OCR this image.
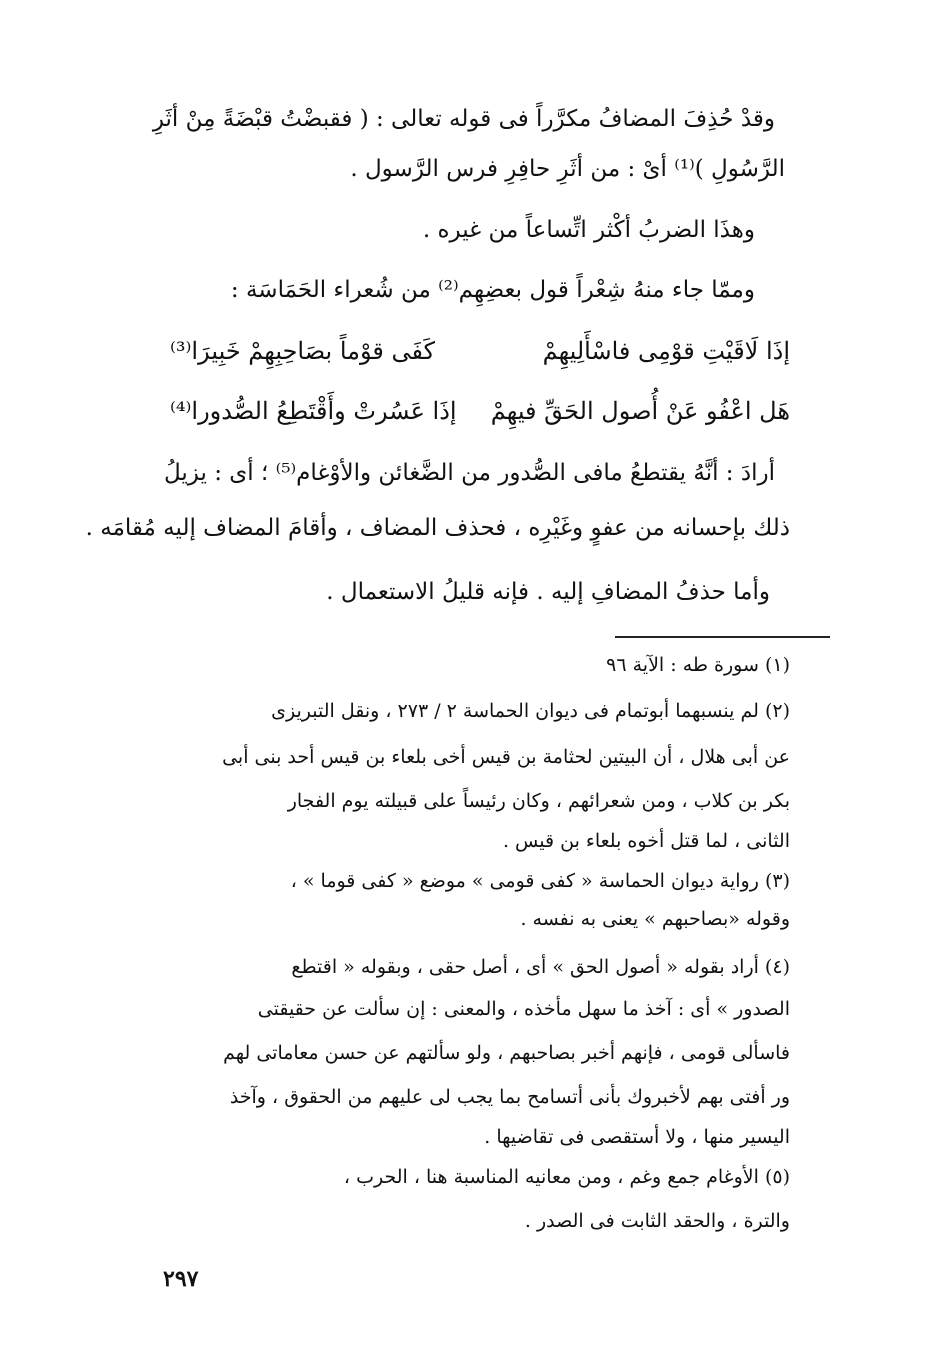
وقدْ حُذِفَ المضافُ مكرَّراً فى قوله تعالى : ( فقبضْتُ قبْضَةً مِنْ أثَرِ
الرَّسُولِ )⁽¹⁾ أىْ : من أثَرِ حافِرِ فرس الرَّسول .
وهذَا الضربُ أكْثر اتِّساعاً من غيره .
وممّا جاء منهُ شِعْراً قول بعضِهِم⁽²⁾ من شُعراء الحَمَاسَة :
إذَا لَاقَيْتِ قوْمِى فاسْأَلِيهِمْ
كَفَى قوْماً بصَاحِبِهِمْ خَبِيرَا⁽³⁾
هَل اعْفُو عَنْ أُصول الحَقِّ فيهِمْ
إذَا عَسُرتْ وأَقْتَطِعُ الصُّدورا⁽⁴⁾
أرادَ : أنَّهُ يقتطعُ مافى الصُّدور من الضَّغائن والأوْغام⁽⁵⁾ ؛ أى : يزيلُ
ذلك بإحسانه من عفوٍ وغَيْرِه ، فحذف المضاف ، وأقامَ المضاف إليه مُقامَه .
وأما حذفُ المضافِ إليه . فإنه قليلُ الاستعمال .
(١) سورة طه : الآية ٩٦
(٢) لم ينسبهما أبوتمام فى ديوان الحماسة ٢ / ٢٧٣ ، ونقل التبريزى
عن أبى هلال ، أن البيتين لحثامة بن قيس أخى بلعاء بن قيس أحد بنى أبى
بكر بن كلاب ، ومن شعرائهم ، وكان رئيساً على قبيلته يوم الفجار
الثانى ، لما قتل أخوه بلعاء بن قيس .
(٣) رواية ديوان الحماسة « كفى قومى » موضع « كفى قوما » ،
وقوله «بصاحبهم » يعنى به نفسه .
(٤) أراد بقوله « أصول الحق » أى ، أصل حقى ، وبقوله « اقتطع
الصدور » أى : آخذ ما سهل مأخذه ، والمعنى : إن سألت عن حقيقتى
فاسألى قومى ، فإنهم أخبر بصاحبهم ، ولو سألتهم عن حسن معاماتى لهم
ور أفتى بهم لأخبروك بأنى أتسامح بما يجب لى عليهم من الحقوق ، وآخذ
اليسير منها ، ولا أستقصى فى تقاضيها .
(٥) الأوغام جمع وغم ، ومن معانيه المناسبة هنا ، الحرب ،
والترة ، والحقد الثابت فى الصدر .
٢٩٧
